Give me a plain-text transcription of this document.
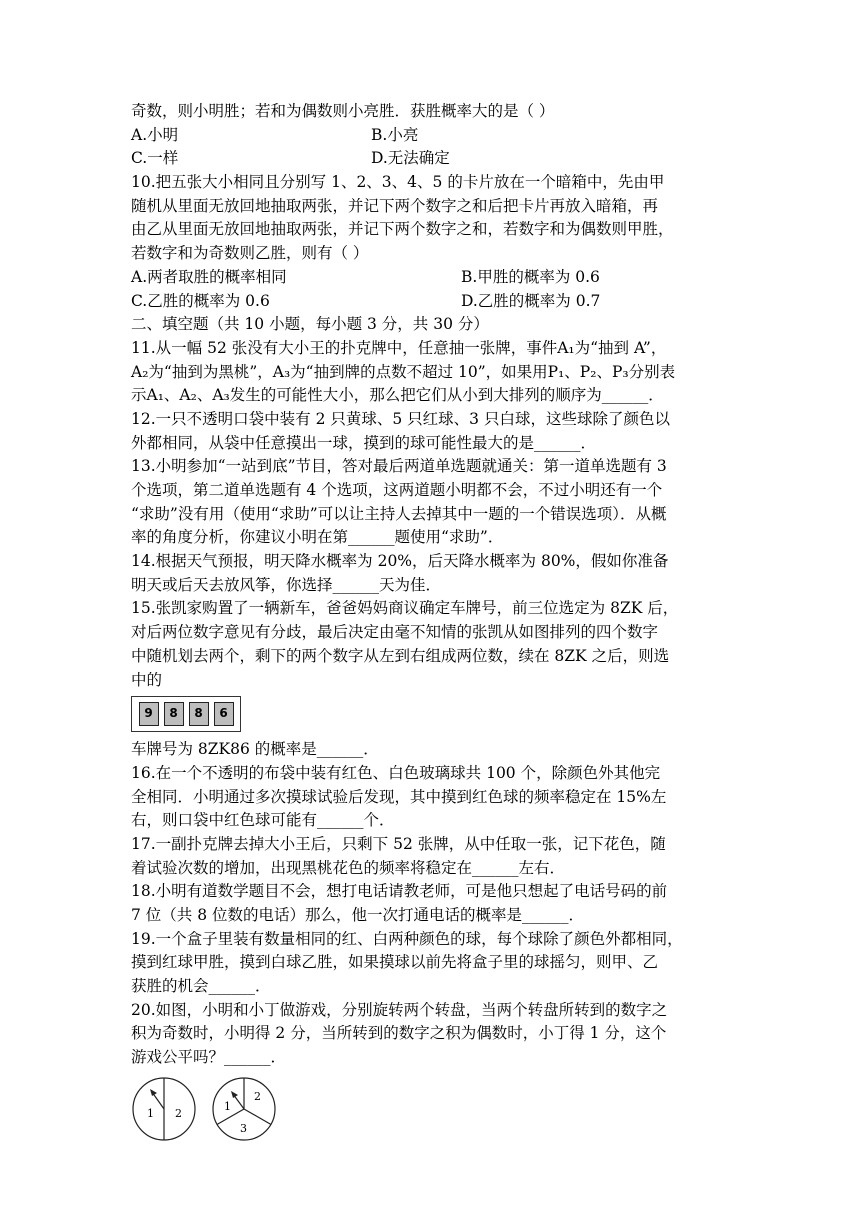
奇数，则小明胜；若和为偶数则小亮胜．获胜概率大的是（ ）
A.小明	B.小亮
C.一样	D.无法确定
10.把五张大小相同且分别写 1、2、3、4、5 的卡片放在一个暗箱中，先由甲
随机从里面无放回地抽取两张，并记下两个数字之和后把卡片再放入暗箱，再
由乙从里面无放回地抽取两张，并记下两个数字之和，若数字和为偶数则甲胜，
若数字和为奇数则乙胜，则有（ ）
A.两者取胜的概率相同	B.甲胜的概率为 0.6
C.乙胜的概率为 0.6	D.乙胜的概率为 0.7
二、填空题（共 10 小题，每小题 3 分，共 30 分）
11.从一幅 52 张没有大小王的扑克牌中，任意抽一张牌，事件A₁为“抽到 A”，
A₂为“抽到为黑桃”，A₃为“抽到牌的点数不超过 10”，如果用P₁、P₂、P₃分别表
示A₁、A₂、A₃发生的可能性大小，那么把它们从小到大排列的顺序为______．
12.一只不透明口袋中装有 2 只黄球、5 只红球、3 只白球，这些球除了颜色以
外都相同，从袋中任意摸出一球，摸到的球可能性最大的是______．
13.小明参加“一站到底”节目，答对最后两道单选题就通关：第一道单选题有 3
个选项，第二道单选题有 4 个选项，这两道题小明都不会，不过小明还有一个
“求助”没有用（使用“求助”可以让主持人去掉其中一题的一个错误选项）．从概
率的角度分析，你建议小明在第______题使用“求助”．
14.根据天气预报，明天降水概率为 20%，后天降水概率为 80%，假如你准备
明天或后天去放风筝，你选择______天为佳．
15.张凯家购置了一辆新车，爸爸妈妈商议确定车牌号，前三位选定为 8ZK 后，
对后两位数字意见有分歧，最后决定由毫不知情的张凯从如图排列的四个数字
中随机划去两个，剩下的两个数字从左到右组成两位数，续在 8ZK 之后，则选
中的
9	8	8	6
车牌号为 8ZK86 的概率是______．
16.在一个不透明的布袋中装有红色、白色玻璃球共 100 个，除颜色外其他完
全相同．小明通过多次摸球试验后发现，其中摸到红色球的频率稳定在 15%左
右，则口袋中红色球可能有______个．
17.一副扑克牌去掉大小王后，只剩下 52 张牌，从中任取一张，记下花色，随
着试验次数的增加，出现黑桃花色的频率将稳定在______左右．
18.小明有道数学题目不会，想打电话请教老师，可是他只想起了电话号码的前
7 位（共 8 位数的电话）那么，他一次打通电话的概率是______．
19.一个盒子里装有数量相同的红、白两种颜色的球，每个球除了颜色外都相同，
摸到红球甲胜，摸到白球乙胜，如果摸球以前先将盒子里的球摇匀，则甲、乙
获胜的机会______．
20.如图，小明和小丁做游戏，分别旋转两个转盘，当两个转盘所转到的数字之
积为奇数时，小明得 2 分，当所转到的数字之积为偶数时，小丁得 1 分，这个
游戏公平吗？______．
1 2
1
2
3
